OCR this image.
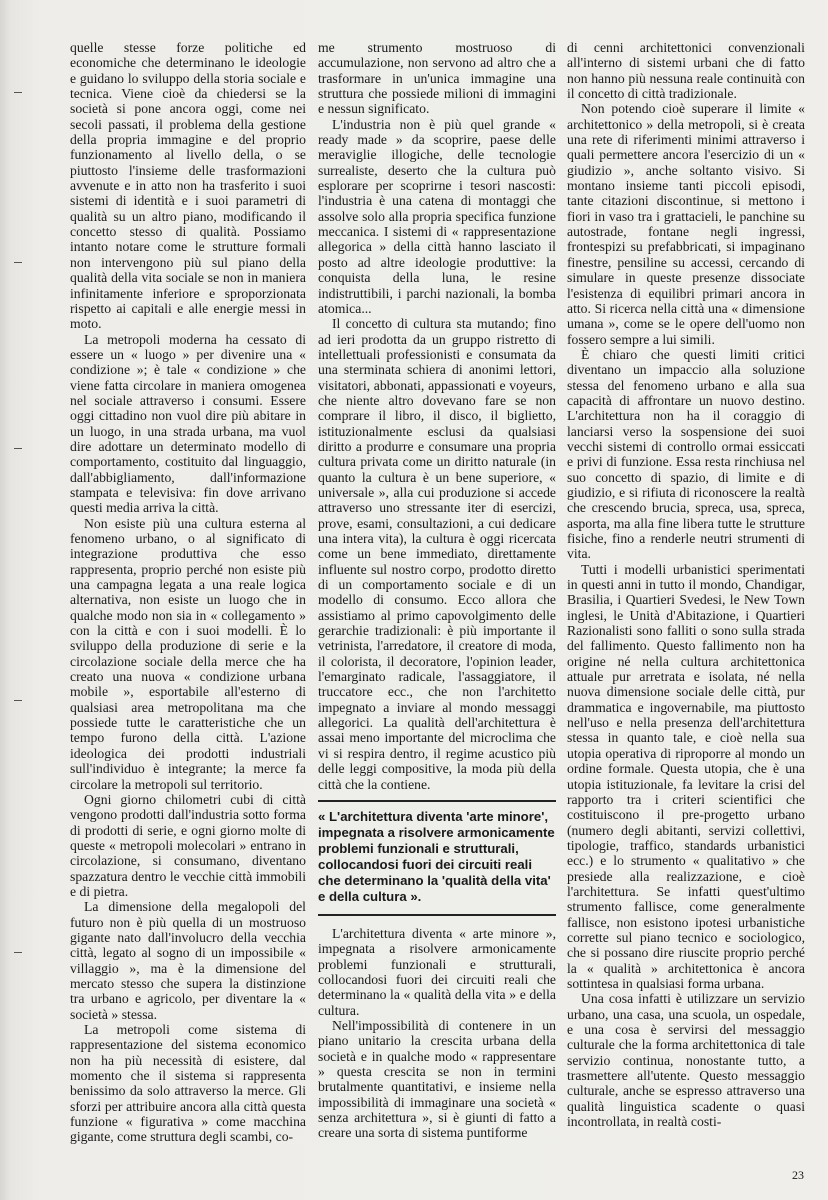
quelle stesse forze politiche ed economiche che determinano le ideologie e guidano lo sviluppo della storia sociale e tecnica. Viene cioè da chiedersi se la società si pone ancora oggi, come nei secoli passati, il problema della gestione della propria immagine e del proprio funzionamento al livello della, o se piuttosto l'insieme delle trasformazioni avvenute e in atto non ha trasferito i suoi sistemi di identità e i suoi parametri di qualità su un altro piano, modificando il concetto stesso di qualità. Possiamo intanto notare come le strutture formali non intervengono più sul piano della qualità della vita sociale se non in maniera infinitamente inferiore e sproporzionata rispetto ai capitali e alle energie messi in moto.

La metropoli moderna ha cessato di essere un « luogo » per divenire una « condizione »; è tale « condizione » che viene fatta circolare in maniera omogenea nel sociale attraverso i consumi. Essere oggi cittadino non vuol dire più abitare in un luogo, in una strada urbana, ma vuol dire adottare un determinato modello di comportamento, costituito dal linguaggio, dall'abbigliamento, dall'informazione stampata e televisiva: fin dove arrivano questi media arriva la città.

Non esiste più una cultura esterna al fenomeno urbano, o al significato di integrazione produttiva che esso rappresenta, proprio perché non esiste più una campagna legata a una reale logica alternativa, non esiste un luogo che in qualche modo non sia in « collegamento » con la città e con i suoi modelli. È lo sviluppo della produzione di serie e la circolazione sociale della merce che ha creato una nuova « condizione urbana mobile », esportabile all'esterno di qualsiasi area metropolitana ma che possiede tutte le caratteristiche che un tempo furono della città. L'azione ideologica dei prodotti industriali sull'individuo è integrante; la merce fa circolare la metropoli sul territorio.

Ogni giorno chilometri cubi di città vengono prodotti dall'industria sotto forma di prodotti di serie, e ogni giorno molte di queste « metropoli molecolari » entrano in circolazione, si consumano, diventano spazzatura dentro le vecchie città immobili e di pietra.

La dimensione della megalopoli del futuro non è più quella di un mostruoso gigante nato dall'involucro della vecchia città, legato al sogno di un impossibile « villaggio », ma è la dimensione del mercato stesso che supera la distinzione tra urbano e agricolo, per diventare la « società » stessa.

La metropoli come sistema di rappresentazione del sistema economico non ha più necessità di esistere, dal momento che il sistema si rappresenta benissimo da solo attraverso la merce. Gli sforzi per attribuire ancora alla città questa funzione « figurativa » come macchina gigante, come struttura degli scambi, co-

me strumento mostruoso di accumulazione, non servono ad altro che a trasformare in un'unica immagine una struttura che possiede milioni di immagini e nessun significato.

L'industria non è più quel grande « ready made » da scoprire, paese delle meraviglie illogiche, delle tecnologie surrealiste, deserto che la cultura può esplorare per scoprirne i tesori nascosti: l'industria è una catena di montaggi che assolve solo alla propria specifica funzione meccanica. I sistemi di « rappresentazione allegorica » della città hanno lasciato il posto ad altre ideologie produttive: la conquista della luna, le resine indistruttibili, i parchi nazionali, la bomba atomica...

Il concetto di cultura sta mutando; fino ad ieri prodotta da un gruppo ristretto di intellettuali professionisti e consumata da una sterminata schiera di anonimi lettori, visitatori, abbonati, appassionati e voyeurs, che niente altro dovevano fare se non comprare il libro, il disco, il biglietto, istituzionalmente esclusi da qualsiasi diritto a produrre e consumare una propria cultura privata come un diritto naturale (in quanto la cultura è un bene superiore, « universale », alla cui produzione si accede attraverso uno stressante iter di esercizi, prove, esami, consultazioni, a cui dedicare una intera vita), la cultura è oggi ricercata come un bene immediato, direttamente influente sul nostro corpo, prodotto diretto di un comportamento sociale e di un modello di consumo. Ecco allora che assistiamo al primo capovolgimento delle gerarchie tradizionali: è più importante il vetrinista, l'arredatore, il creatore di moda, il colorista, il decoratore, l'opinion leader, l'emarginato radicale, l'assaggiatore, il truccatore ecc., che non l'architetto impegnato a inviare al mondo messaggi allegorici. La qualità dell'architettura è assai meno importante del microclima che vi si respira dentro, il regime acustico più delle leggi compositive, la moda più della città che la contiene.

« L'architettura diventa 'arte minore', impegnata a risolvere armonicamente problemi funzionali e strutturali, collocandosi fuori dei circuiti reali che determinano la 'qualità della vita' e della cultura ».

L'architettura diventa « arte minore », impegnata a risolvere armonicamente problemi funzionali e strutturali, collocandosi fuori dei circuiti reali che determinano la « qualità della vita » e della cultura.

Nell'impossibilità di contenere in un piano unitario la crescita urbana della società e in qualche modo « rappresentare » questa crescita se non in termini brutalmente quantitativi, e insieme nella impossibilità di immaginare una società « senza architettura », si è giunti di fatto a creare una sorta di sistema puntiforme

di cenni architettonici convenzionali all'interno di sistemi urbani che di fatto non hanno più nessuna reale continuità con il concetto di città tradizionale.

Non potendo cioè superare il limite « architettonico » della metropoli, si è creata una rete di riferimenti minimi attraverso i quali permettere ancora l'esercizio di un « giudizio », anche soltanto visivo. Si montano insieme tanti piccoli episodi, tante citazioni discontinue, si mettono i fiori in vaso tra i grattacieli, le panchine su autostrade, fontane negli ingressi, frontespizi su prefabbricati, si impaginano finestre, pensiline su accessi, cercando di simulare in queste presenze dissociate l'esistenza di equilibri primari ancora in atto. Si ricerca nella città una « dimensione umana », come se le opere dell'uomo non fossero sempre a lui simili.

È chiaro che questi limiti critici diventano un impaccio alla soluzione stessa del fenomeno urbano e alla sua capacità di affrontare un nuovo destino. L'architettura non ha il coraggio di lanciarsi verso la sospensione dei suoi vecchi sistemi di controllo ormai essiccati e privi di funzione. Essa resta rinchiusa nel suo concetto di spazio, di limite e di giudizio, e si rifiuta di riconoscere la realtà che crescendo brucia, spreca, usa, spreca, asporta, ma alla fine libera tutte le strutture fisiche, fino a renderle neutri strumenti di vita.

Tutti i modelli urbanistici sperimentati in questi anni in tutto il mondo, Chandigar, Brasilia, i Quartieri Svedesi, le New Town inglesi, le Unità d'Abitazione, i Quartieri Razionalisti sono falliti o sono sulla strada del fallimento. Questo fallimento non ha origine né nella cultura architettonica attuale pur arretrata e isolata, né nella nuova dimensione sociale delle città, pur drammatica e ingovernabile, ma piuttosto nell'uso e nella presenza dell'architettura stessa in quanto tale, e cioè nella sua utopia operativa di riproporre al mondo un ordine formale. Questa utopia, che è una utopia istituzionale, fa levitare la crisi del rapporto tra i criteri scientifici che costituiscono il pre-progetto urbano (numero degli abitanti, servizi collettivi, tipologie, traffico, standards urbanistici ecc.) e lo strumento « qualitativo » che presiede alla realizzazione, e cioè l'architettura. Se infatti quest'ultimo strumento fallisce, come generalmente fallisce, non esistono ipotesi urbanistiche corrette sul piano tecnico e sociologico, che si possano dire riuscite proprio perché la « qualità » architettonica è ancora sottintesa in qualsiasi forma urbana.

Una cosa infatti è utilizzare un servizio urbano, una casa, una scuola, un ospedale, e una cosa è servirsi del messaggio culturale che la forma architettonica di tale servizio continua, nonostante tutto, a trasmettere all'utente. Questo messaggio culturale, anche se espresso attraverso una qualità linguistica scadente o quasi incontrollata, in realtà costi-

23
